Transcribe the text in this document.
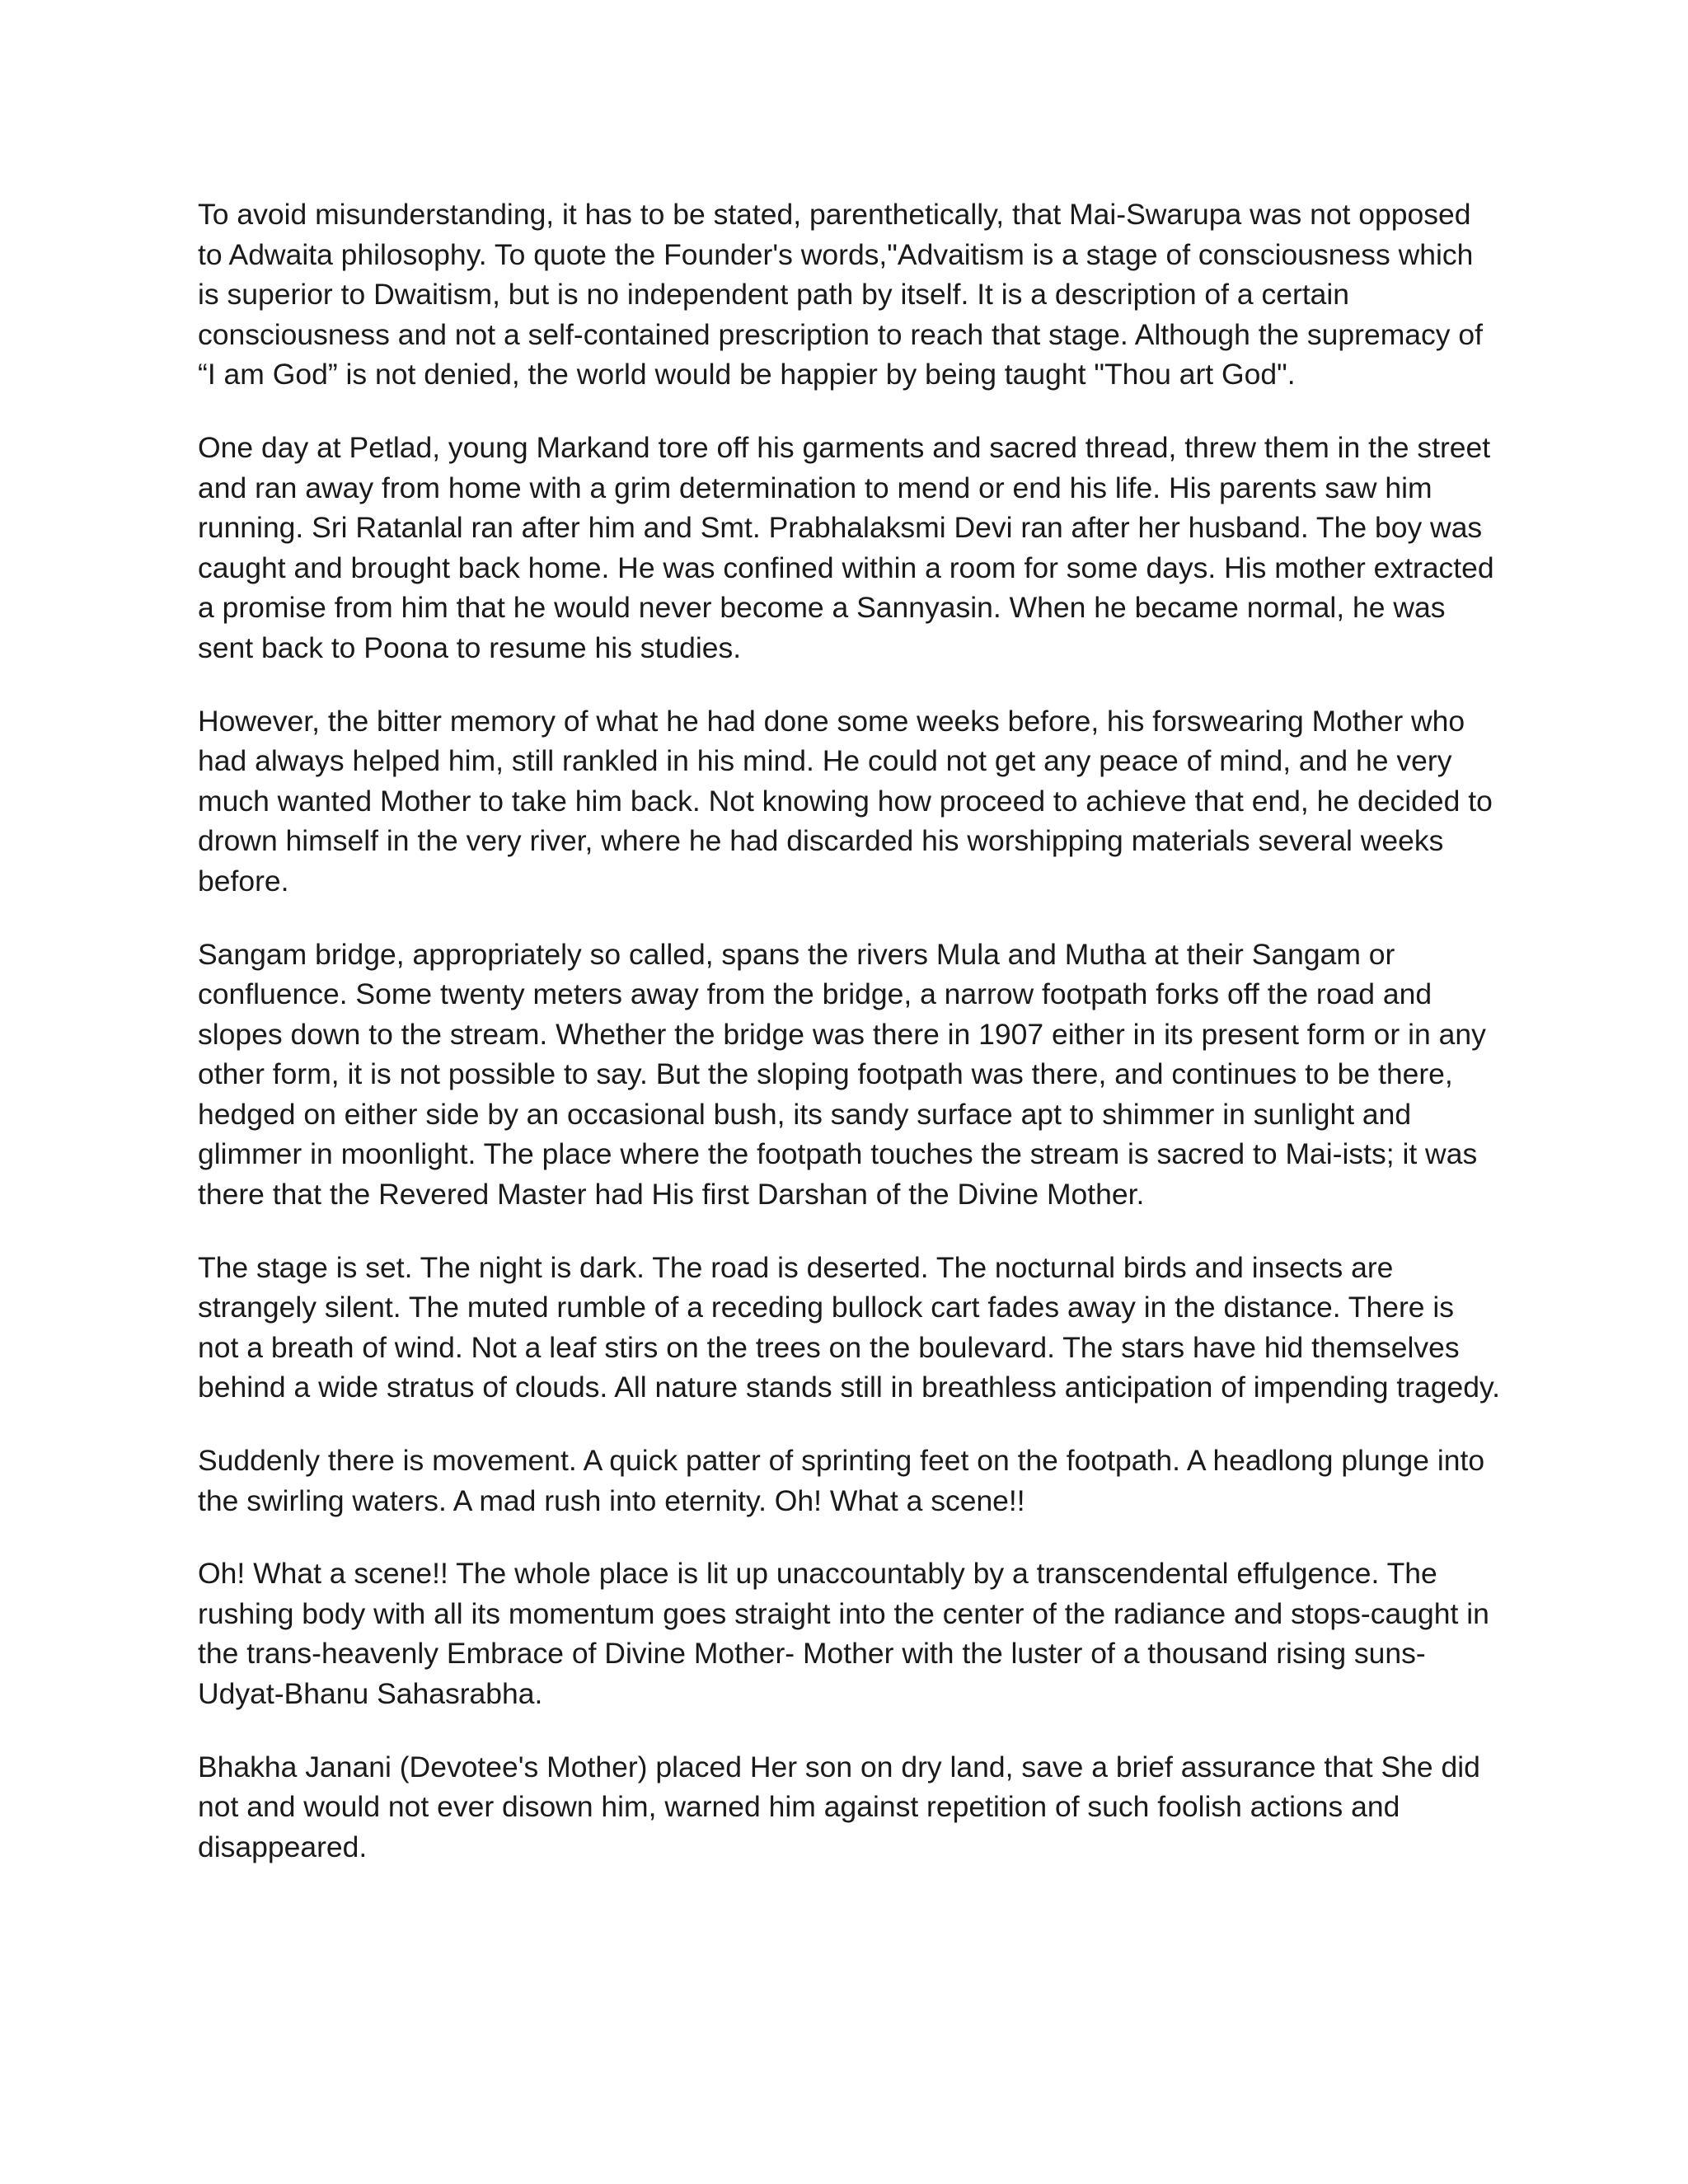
To avoid misunderstanding, it has to be stated, parenthetically, that Mai-Swarupa was not opposed to Adwaita philosophy. To quote the Founder's words,"Advaitism is a stage of consciousness which is superior to Dwaitism, but is no independent path by itself. It is a description of a certain consciousness and not a self-contained prescription to reach that stage. Although the supremacy of “I am God” is not denied, the world would be happier by being taught "Thou art God".

One day at Petlad, young Markand tore off his garments and sacred thread, threw them in the street and ran away from home with a grim determination to mend or end his life. His parents saw him running. Sri Ratanlal ran after him and Smt. Prabhalaksmi Devi ran after her husband. The boy was caught and brought back home. He was confined within a room for some days. His mother extracted a promise from him that he would never become a Sannyasin. When he became normal, he was sent back to Poona to resume his studies.

However, the bitter memory of what he had done some weeks before, his forswearing Mother who had always helped him, still rankled in his mind. He could not get any peace of mind, and he very much wanted Mother to take him back. Not knowing how proceed to achieve that end, he decided to drown himself in the very river, where he had discarded his worshipping materials several weeks before.

Sangam bridge, appropriately so called, spans the rivers Mula and Mutha at their Sangam or confluence. Some twenty meters away from the bridge, a narrow footpath forks off the road and slopes down to the stream. Whether the bridge was there in 1907 either in its present form or in any other form, it is not possible to say. But the sloping footpath was there, and continues to be there, hedged on either side by an occasional bush, its sandy surface apt to shimmer in sunlight and glimmer in moonlight. The place where the footpath touches the stream is sacred to Mai-ists; it was there that the Revered Master had His first Darshan of the Divine Mother.

The stage is set. The night is dark. The road is deserted. The nocturnal birds and insects are strangely silent. The muted rumble of a receding bullock cart fades away in the distance. There is not a breath of wind. Not a leaf stirs on the trees on the boulevard. The stars have hid themselves behind a wide stratus of clouds. All nature stands still in breathless anticipation of impending tragedy.

Suddenly there is movement. A quick patter of sprinting feet on the footpath. A headlong plunge into the swirling waters. A mad rush into eternity. Oh! What a scene!!

Oh! What a scene!! The whole place is lit up unaccountably by a transcendental effulgence. The rushing body with all its momentum goes straight into the center of the radiance and stops-caught in the trans-heavenly Embrace of Divine Mother- Mother with the luster of a thousand rising suns-Udyat-Bhanu Sahasrabha.

Bhakha Janani (Devotee's Mother) placed Her son on dry land, save a brief assurance that She did not and would not ever disown him, warned him against repetition of such foolish actions and disappeared.
